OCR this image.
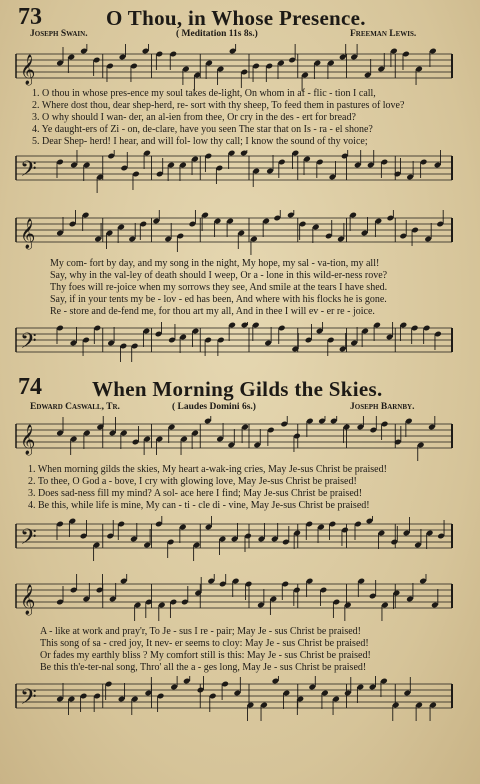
73	O Thou, in Whose Presence.
Joseph Swain.	( Meditation 11s 8s.)	Freeman Lewis.
𝄞
1. O thou in whose pres-ence my soul takes de-light, On whom in af - flic - tion I call,
2. Where dost thou, dear shep-herd, re- sort with thy sheep, To feed them in pastures of love?
3. O why should I wan- der, an al-ien from thee, Or cry in the des - ert for bread?
4. Ye daught-ers of Zi - on, de-clare, have you seen The star that on Is - ra - el shone?
5. Dear Shep- herd! I hear, and will fol- low thy call; I know the sound of thy voice;
𝄢
𝄞
My com- fort by day, and my song in the night, My hope, my sal - va-tion, my all!
Say, why in the val-ley of death should I weep, Or a - lone in this wild-er-ness rove?
Thy foes will re-joice when my sorrows they see, And smile at the tears I have shed.
Say, if in your tents my be - lov - ed has been, And where with his flocks he is gone.
Re - store and de-fend me, for thou art my all, And in thee I will ev - er re - joice.
𝄢
74 When Morning Gilds the Skies.
Edward Caswall, Tr.	( Laudes Domini 6s.)	Joseph Barnby.
𝄞
1. When morning gilds the skies, My heart a-wak-ing cries, May Je-sus Christ be praised!
2. To thee, O God a - bove, I cry with glowing love, May Je-sus Christ be praised!
3. Does sad-ness fill my mind? A sol- ace here I find; May Je-sus Christ be praised!
4. Be this, while life is mine, My can - ti - cle di - vine, May Je-sus Christ be praised!
𝄢
𝄞
A - like at work and pray'r, To Je - sus I re - pair; May Je - sus Christ be praised!
This song of sa - cred joy, It nev- er seems to cloy: May Je - sus Christ be praised!
Or fades my earthly bliss ? My comfort still is this: May Je - sus Christ be praised!
Be this th'e-ter-nal song, Thro' all the a - ges long, May Je - sus Christ be praised!
𝄢
